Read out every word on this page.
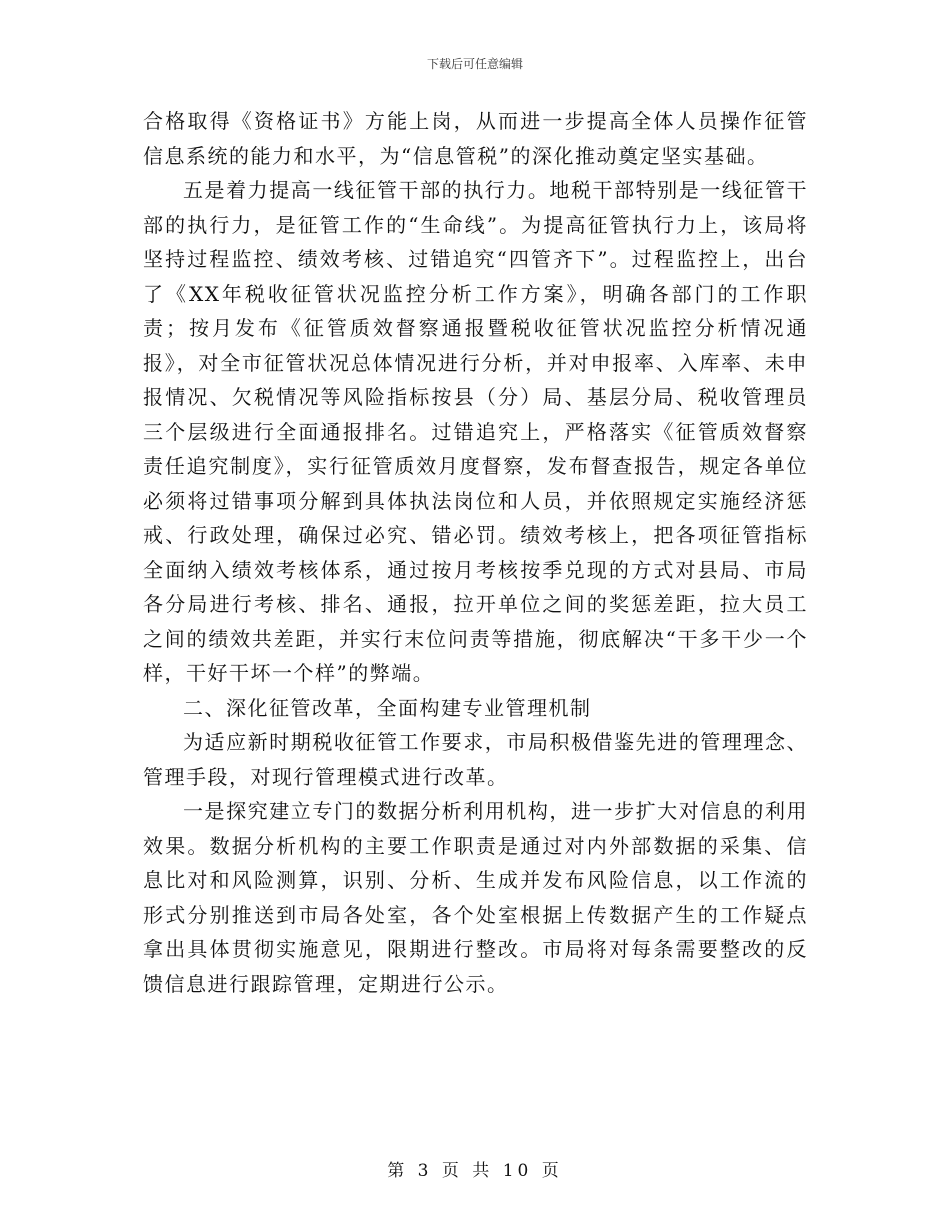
下载后可任意编辑

合格取得《资格证书》方能上岗，从而进一步提高全体人员操作征管信息系统的能力和水平，为“信息管税”的深化推动奠定坚实基础。

五是着力提高一线征管干部的执行力。地税干部特别是一线征管干部的执行力，是征管工作的“生命线”。为提高征管执行力上，该局将坚持过程监控、绩效考核、过错追究“四管齐下”。过程监控上，出台了《XX年税收征管状况监控分析工作方案》，明确各部门的工作职责；按月发布《征管质效督察通报暨税收征管状况监控分析情况通报》，对全市征管状况总体情况进行分析，并对申报率、入库率、未申报情况、欠税情况等风险指标按县（分）局、基层分局、税收管理员三个层级进行全面通报排名。过错追究上，严格落实《征管质效督察责任追究制度》，实行征管质效月度督察，发布督查报告，规定各单位必须将过错事项分解到具体执法岗位和人员，并依照规定实施经济惩戒、行政处理，确保过必究、错必罚。绩效考核上，把各项征管指标全面纳入绩效考核体系，通过按月考核按季兑现的方式对县局、市局各分局进行考核、排名、通报，拉开单位之间的奖惩差距，拉大员工之间的绩效共差距，并实行末位问责等措施，彻底解决“干多干少一个样，干好干坏一个样”的弊端。

二、深化征管改革，全面构建专业管理机制

为适应新时期税收征管工作要求，市局积极借鉴先进的管理理念、管理手段，对现行管理模式进行改革。

一是探究建立专门的数据分析利用机构，进一步扩大对信息的利用效果。数据分析机构的主要工作职责是通过对内外部数据的采集、信息比对和风险测算，识别、分析、生成并发布风险信息，以工作流的形式分别推送到市局各处室，各个处室根据上传数据产生的工作疑点拿出具体贯彻实施意见，限期进行整改。市局将对每条需要整改的反馈信息进行跟踪管理，定期进行公示。

第 3 页 共 10 页
